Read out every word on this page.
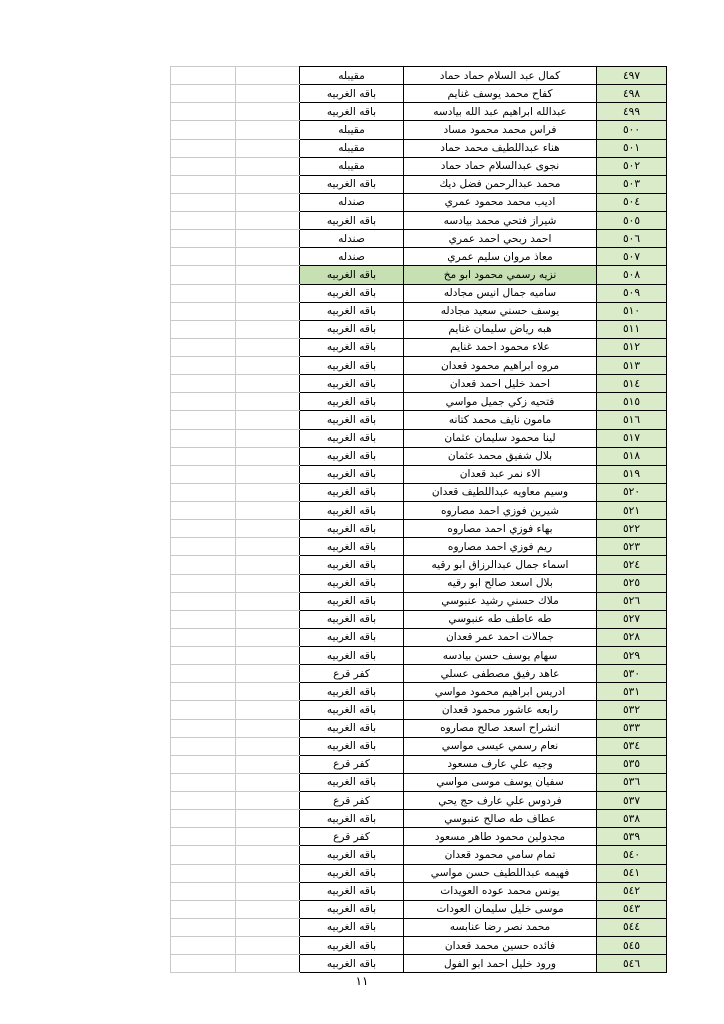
		مقيبله	كمال عبد السلام حماد حماد	٤٩٧
		باقه الغربيه	كفاح محمد يوسف غنايم	٤٩٨
		باقه الغربيه	عبدالله ابراهيم عبد الله بيادسه	٤٩٩
		مقيبله	فراس محمد محمود مساد	٥٠٠
		مقيبله	هناء عبداللطيف محمد حماد	٥٠١
		مقيبله	نجوى عبدالسلام حماد حماد	٥٠٢
		باقه الغربيه	محمد عبدالرحمن فضل ديك	٥٠٣
		صندله	اديب محمد محمود عمري	٥٠٤
		باقه الغربيه	شيراز فتحي محمد بيادسه	٥٠٥
		صندله	احمد ربحي احمد عمري	٥٠٦
		صندله	معاذ مروان سليم عمري	٥٠٧
		باقه الغربيه	نزيه رسمي محمود ابو مخ	٥٠٨
		باقه الغربيه	ساميه جمال انيس مجادله	٥٠٩
		باقه الغربيه	يوسف حسني سعيد مجادله	٥١٠
		باقه الغربيه	هبه رياض سليمان غنايم	٥١١
		باقه الغربيه	علاء محمود احمد غنايم	٥١٢
		باقه الغربيه	مروه ابراهيم محمود قعدان	٥١٣
		باقه الغربيه	احمد خليل احمد قعدان	٥١٤
		باقه الغربيه	فتحيه زكي جميل مواسي	٥١٥
		باقه الغربيه	مامون نايف محمد كتانه	٥١٦
		باقه الغربيه	لينا محمود سليمان عثمان	٥١٧
		باقه الغربيه	بلال شفيق محمد عثمان	٥١٨
		باقه الغربيه	الاء نمر عبد قعدان	٥١٩
		باقه الغربيه	وسيم معاويه عبداللطيف قعدان	٥٢٠
		باقه الغربيه	شيرين فوزي احمد مصاروه	٥٢١
		باقه الغربيه	بهاء فوزي احمد مصاروه	٥٢٢
		باقه الغربيه	ريم فوزي احمد مصاروه	٥٢٣
		باقه الغربيه	اسماء جمال عبدالرزاق ابو رقيه	٥٢٤
		باقه الغربيه	بلال اسعد صالح ابو رقيه	٥٢٥
		باقه الغربيه	ملاك حسني رشيد عنبوسي	٥٢٦
		باقه الغربيه	طه عاطف طه عنبوسي	٥٢٧
		باقه الغربيه	جمالات احمد عمر قعدان	٥٢٨
		باقه الغربيه	سهام يوسف حسن بيادسه	٥٢٩
		كفر قرع	عاهد رفيق مصطفى عسلي	٥٣٠
		باقه الغربيه	ادريس ابراهيم محمود مواسي	٥٣١
		باقه الغربيه	رابعه عاشور محمود قعدان	٥٣٢
		باقه الغربيه	انشراح اسعد صالح مصاروه	٥٣٣
		باقه الغربيه	نعام رسمي عيسى مواسي	٥٣٤
		كفر قرع	وجيه علي عارف مسعود	٥٣٥
		باقه الغربيه	سفيان يوسف موسى مواسي	٥٣٦
		كفر قرع	فردوس علي عارف حج يحي	٥٣٧
		باقه الغربيه	عطاف طه صالح عنبوسي	٥٣٨
		كفر قرع	مجدولين محمود طاهر مسعود	٥٣٩
		باقه الغربيه	تمام سامي محمود قعدان	٥٤٠
		باقه الغربيه	فهيمه عبداللطيف حسن مواسي	٥٤١
		باقه الغربيه	يونس محمد عوده العويدات	٥٤٢
		باقه الغربيه	موسى خليل سليمان العودات	٥٤٣
		باقه الغربيه	محمد نصر رضا عنابسه	٥٤٤
		باقه الغربيه	فائده حسين محمد قعدان	٥٤٥
		باقه الغربيه	ورود خليل احمد ابو الفول	٥٤٦
١١
